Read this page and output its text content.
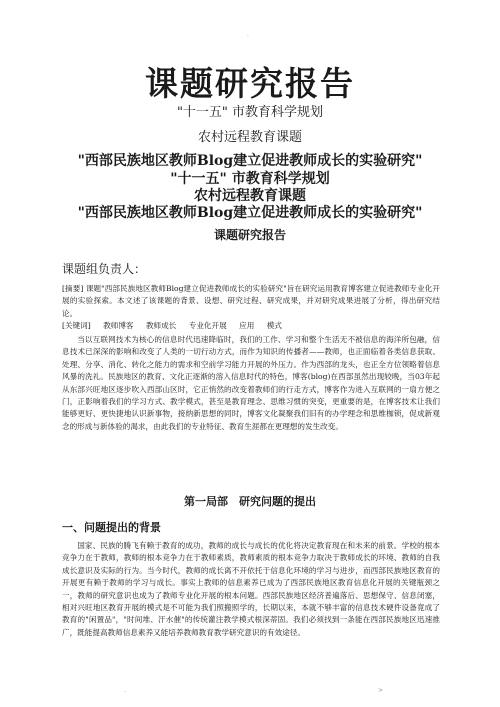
.
课题研究报告
"十一五" 市教育科学规划
农村远程教育课题
"西部民族地区教师Blog建立促进教师成长的实验研究"
"十一五" 市教育科学规划
农村远程教育课题
"西部民族地区教师Blog建立促进教师成长的实验研究"
课题研究报告
课题组负责人：
[摘要] 课题"西部民族地区教师Blog建立促进教师成长的实验研究"旨在研究运用教育博客建立促进教师专业化开展的实验探索。本文述了该课题的背景、设想、研究过程、研究成果，并对研究成果进展了分析，得出研究结论。
[关键词] 教师博客 教师成长 专业化开展 应用 模式
当以互联网技术为核心的信息时代迅速降临时，我们的工作、学习和整个生活无不被信息的海洋所包融，信息技术已深深的影响和改变了人类的一切行动方式，而作为知识的传播者——教师，也正面临着各类信息获取、处理、分享、消化、转化之能力的需求和空前学习能力开展的外压力。作为西部的龙头，也正全方位领略着信息风暴的洗礼。民族地区的教育、文化正逐渐的溶入信息时代的特色，博客(blog)在西部虽然出现较晚，当03年起从东部兴旺地区逐步吹入西部山区时，它正悄然的改变着教师们的行走方式，博客作为进入互联网的一扇方便之门，正影响着我们的学习方式、教学模式，甚至是教育理念、思维习惯的突变，更重要的是，在博客技术让我们能够更好、更快捷地认识新事物，接纳新思想的同时，博客文化凝聚我们旧有的办学理念和思维枷锁，促成新观念的形成与新体验的渴求，由此我们的专业特征、教育生涯都在更理想的发生改变。
第一局部　研究问题的提出
一、问题提出的背景
国家、民族的腾飞有赖于教育的成功，教师的成长与成长的优化将决定教育现在和未来的前景。学校的根本竞争力在于教师，教师的根本竞争力在于教师素质，教师素质的根本竞争力取决于教师成长的环境、教师的自我成长意识及实际的行为。当今时代，教师的成长离不开依托于信息化环境的学习与进步，而西部民族地区教育的开展更有赖于教师的学习与成长。事实上教师的信息素养已成为了西部民族地区教育信息化开展的关键瓶颈之一，教师的研究意识也成为了教师专业化开展的根本问题。西部民族地区经济普遍落后、思想保守、信息闭塞，相对兴旺地区教育开展的模式是不可能为我们照搬照学的，长期以来，本就不够丰富的信息技术硬件设备竟成了教育的"闲置品"，"时间堆、汗水催"的传统灌注教学模式根深蒂固。我们必须找到一条能在西部民族地区迅速推广，既能提高教师信息素养又能培养教师教育教学研究意识的有效途径。
.	>
